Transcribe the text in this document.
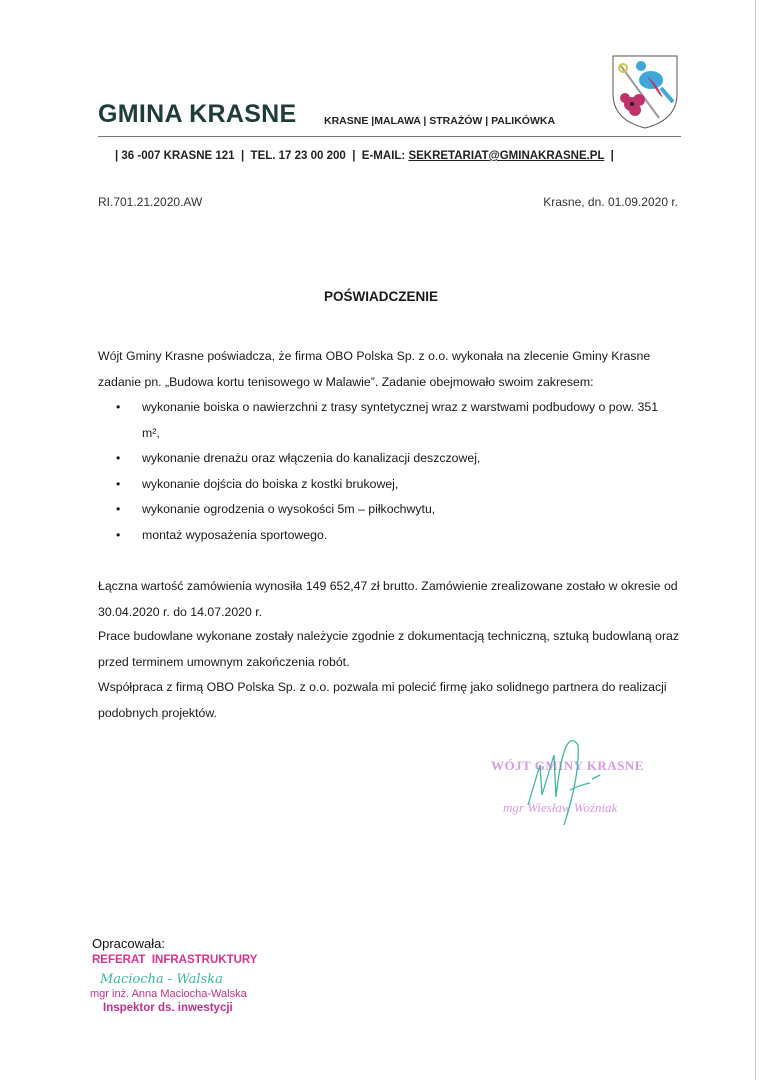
GMINA KRASNE	KRASNE |MALAWA | STRAŻÓW | PALIKÓWKA
| 36 -007 KRASNE 121  |  TEL. 17 23 00 200  |  E-MAIL: SEKRETARIAT@GMINAKRASNE.PL  |
RI.701.21.2020.AW	Krasne, dn. 01.09.2020 r.
POŚWIADCZENIE
Wójt Gminy Krasne poświadcza, że firma OBO Polska Sp. z o.o. wykonała na zlecenie Gminy Krasne zadanie pn. „Budowa kortu tenisowego w Malawie”. Zadanie obejmowało swoim zakresem:
• wykonanie boiska o nawierzchni z trasy syntetycznej wraz z warstwami podbudowy o pow. 351 m²,
• wykonanie drenażu oraz włączenia do kanalizacji deszczowej,
• wykonanie dojścia do boiska z kostki brukowej,
• wykonanie ogrodzenia o wysokości 5m – piłkochwytu,
• montaż wyposażenia sportowego.
Łączna wartość zamówienia wynosiła 149 652,47 zł brutto. Zamówienie zrealizowane zostało w okresie od 30.04.2020 r. do 14.07.2020 r.
Prace budowlane wykonane zostały należycie zgodnie z dokumentacją techniczną, sztuką budowlaną oraz przed terminem umownym zakończenia robót.
Współpraca z firmą OBO Polska Sp. z o.o. pozwala mi polecić firmę jako solidnego partnera do realizacji podobnych projektów.
WÓJT GMINY KRASNE
mgr Wiesław Woźniak
Opracowała:
REFERAT  INFRASTRUKTURY
Maciocha - Walska
mgr inż. Anna Maciocha-Walska
Inspektor ds. inwestycji
